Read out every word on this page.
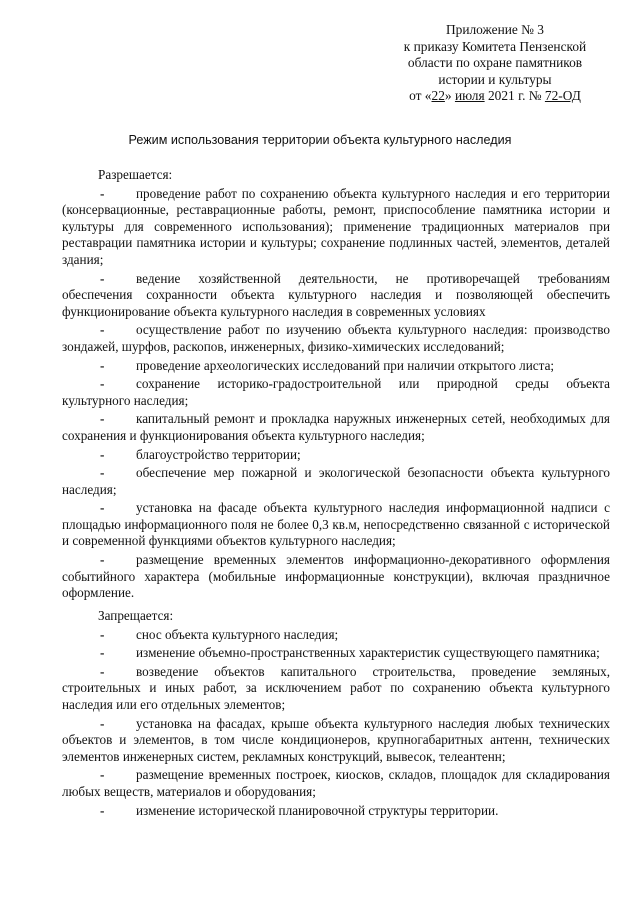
Приложение № 3
к приказу Комитета Пензенской
области по охране памятников
истории и культуры
от «22» июля 2021 г. № 72-ОД
Режим использования территории объекта культурного наследия
Разрешается:

- проведение работ по сохранению объекта культурного наследия и его территории (консервационные, реставрационные работы, ремонт, приспособление памятника истории и культуры для современного использования); применение традиционных материалов при реставрации памятника истории и культуры; сохранение подлинных частей, элементов, деталей здания;

- ведение хозяйственной деятельности, не противоречащей требованиям обеспечения сохранности объекта культурного наследия и позволяющей обеспечить функционирование объекта культурного наследия в современных условиях

- осуществление работ по изучению объекта культурного наследия: производство зондажей, шурфов, раскопов, инженерных, физико-химических исследований;

- проведение археологических исследований при наличии открытого листа;

- сохранение историко-градостроительной или природной среды объекта культурного наследия;

- капитальный ремонт и прокладка наружных инженерных сетей, необходимых для сохранения и функционирования объекта культурного наследия;

- благоустройство территории;

- обеспечение мер пожарной и экологической безопасности объекта культурного наследия;

- установка на фасаде объекта культурного наследия информационной надписи с площадью информационного поля не более 0,3 кв.м, непосредственно связанной с исторической и современной функциями объектов культурного наследия;

- размещение временных элементов информационно-декоративного оформления событийного характера (мобильные информационные конструкции), включая праздничное оформление.

Запрещается:

- снос объекта культурного наследия;

- изменение объемно-пространственных характеристик существующего памятника;

- возведение объектов капитального строительства, проведение земляных, строительных и иных работ, за исключением работ по сохранению объекта культурного наследия или его отдельных элементов;

- установка на фасадах, крыше объекта культурного наследия любых технических объектов и элементов, в том числе кондиционеров, крупногабаритных антенн, технических элементов инженерных систем, рекламных конструкций, вывесок, телеантенн;

- размещение временных построек, киосков, складов, площадок для складирования любых веществ, материалов и оборудования;

- изменение исторической планировочной структуры территории.
